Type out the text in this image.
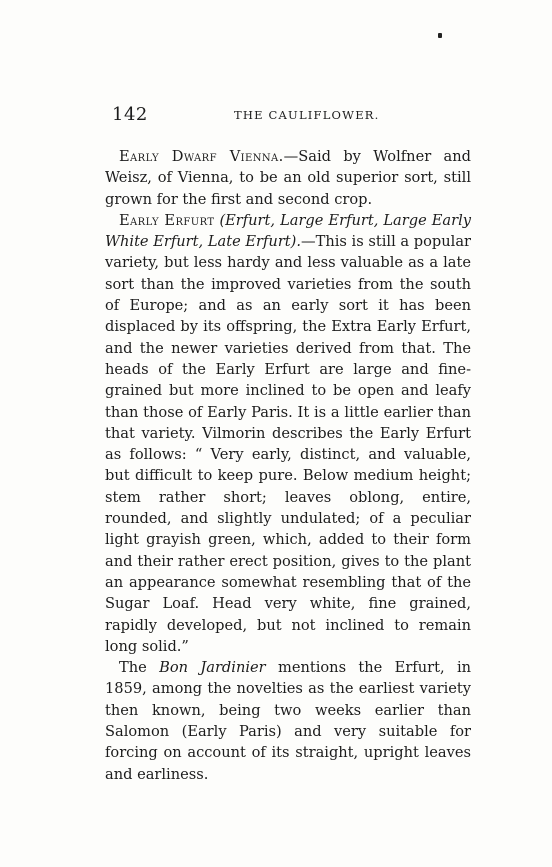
142	THE CAULIFLOWER.

Early Dwarf Vienna.—Said by Wolfner and Weisz, of Vienna, to be an old superior sort, still grown for the first and second crop.

Early Erfurt (Erfurt, Large Erfurt, Large Early White Erfurt, Late Erfurt).—This is still a popular variety, but less hardy and less valuable as a late sort than the improved varieties from the south of Europe; and as an early sort it has been displaced by its offspring, the Extra Early Erfurt, and the newer varieties derived from that. The heads of the Early Erfurt are large and fine-grained but more inclined to be open and leafy than those of Early Paris. It is a little earlier than that variety. Vilmorin describes the Early Erfurt as follows: “ Very early, distinct, and valuable, but difficult to keep pure. Below medium height; stem rather short; leaves oblong, entire, rounded, and slightly undulated; of a peculiar light grayish green, which, added to their form and their rather erect position, gives to the plant an appearance somewhat resembling that of the Sugar Loaf. Head very white, fine grained, rapidly developed, but not inclined to remain long solid.”

The Bon Jardinier mentions the Erfurt, in 1859, among the novelties as the earliest variety then known, being two weeks earlier than Salomon (Early Paris) and very suitable for forcing on account of its straight, upright leaves and earliness.
